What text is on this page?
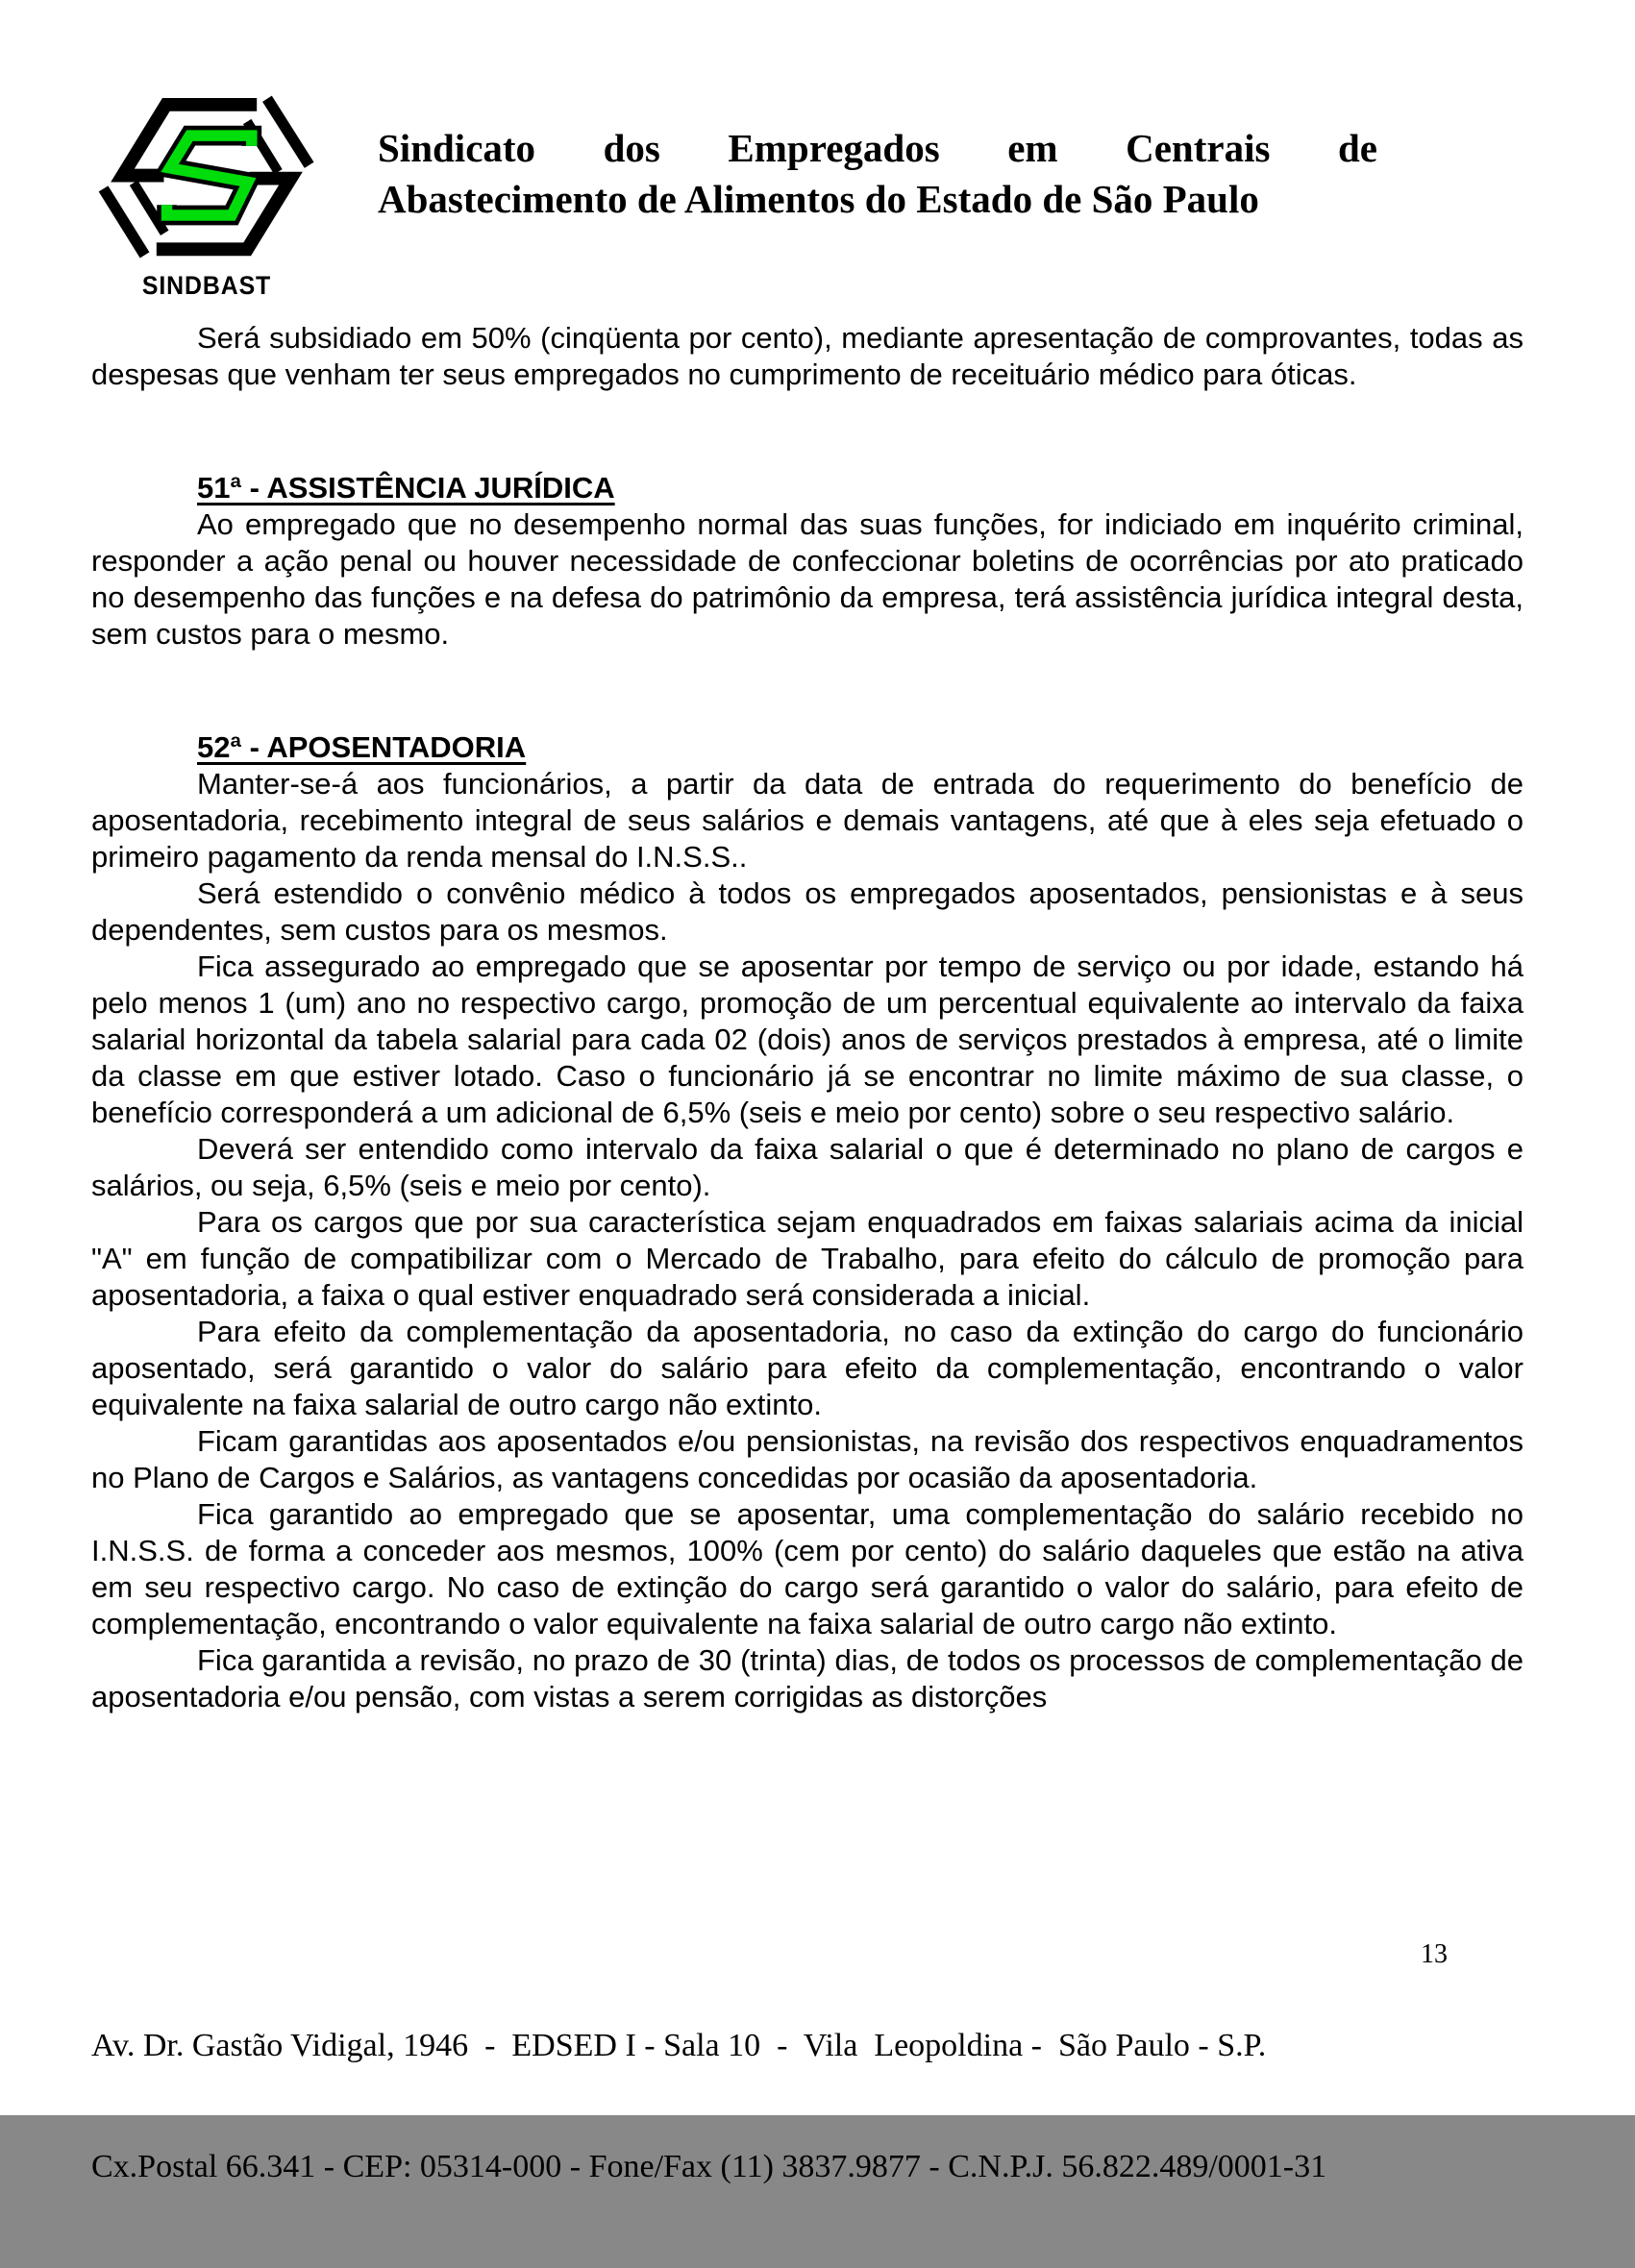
SINDBAST
Sindicato dos Empregados em Centrais de
Abastecimento de Alimentos do Estado de São Paulo

Será subsidiado em 50% (cinqüenta por cento), mediante apresentação de comprovantes, todas as despesas que venham ter seus empregados no cumprimento de receituário médico para óticas.

51ª - ASSISTÊNCIA JURÍDICA

Ao empregado que no desempenho normal das suas funções, for indiciado em inquérito criminal, responder a ação penal ou houver necessidade de confeccionar boletins de ocorrências por ato praticado no desempenho das funções e na defesa do patrimônio da empresa, terá assistência jurídica integral desta, sem custos para o mesmo.

52ª - APOSENTADORIA

Manter-se-á aos funcionários, a partir da data de entrada do requerimento do benefício de aposentadoria, recebimento integral de seus salários e demais vantagens, até que à eles seja efetuado o primeiro pagamento da renda mensal do I.N.S.S..

Será estendido o convênio médico à todos os empregados aposentados, pensionistas e à seus dependentes, sem custos para os mesmos.

Fica assegurado ao empregado que se aposentar por tempo de serviço ou por idade, estando há pelo menos 1 (um) ano no respectivo cargo, promoção de um percentual equivalente ao intervalo da faixa salarial horizontal da tabela salarial para cada 02 (dois) anos de serviços prestados à empresa, até o limite da classe em que estiver lotado. Caso o funcionário já se encontrar no limite máximo de sua classe, o benefício corresponderá a um adicional de 6,5% (seis e meio por cento) sobre o seu respectivo salário.

Deverá ser entendido como intervalo da faixa salarial o que é determinado no plano de cargos e salários, ou seja, 6,5% (seis e meio por cento).

Para os cargos que por sua característica sejam enquadrados em faixas salariais acima da inicial "A" em função de compatibilizar com o Mercado de Trabalho, para efeito do cálculo de promoção para aposentadoria, a faixa o qual estiver enquadrado será considerada a inicial.

Para efeito da complementação da aposentadoria, no caso da extinção do cargo do funcionário aposentado, será garantido o valor do salário para efeito da complementação, encontrando o valor equivalente na faixa salarial de outro cargo não extinto.

Ficam garantidas aos aposentados e/ou pensionistas, na revisão dos respectivos enquadramentos no Plano de Cargos e Salários, as vantagens concedidas por ocasião da aposentadoria.

Fica garantido ao empregado que se aposentar, uma complementação do salário recebido no I.N.S.S. de forma a conceder aos mesmos, 100% (cem por cento) do salário daqueles que estão na ativa em seu respectivo cargo. No caso de extinção do cargo será garantido o valor do salário, para efeito de complementação, encontrando o valor equivalente na faixa salarial de outro cargo não extinto.

Fica garantida a revisão, no prazo de 30 (trinta) dias, de todos os processos de complementação de aposentadoria e/ou pensão, com vistas a serem corrigidas as distorções

Av. Dr. Gastão Vidigal, 1946  -  EDSED I - Sala 10  -  Vila  Leopoldina -  São Paulo - S.P.

Cx.Postal 66.341 - CEP: 05314-000 - Fone/Fax (11) 3837.9877 - C.N.P.J. 56.822.489/0001-31

13
